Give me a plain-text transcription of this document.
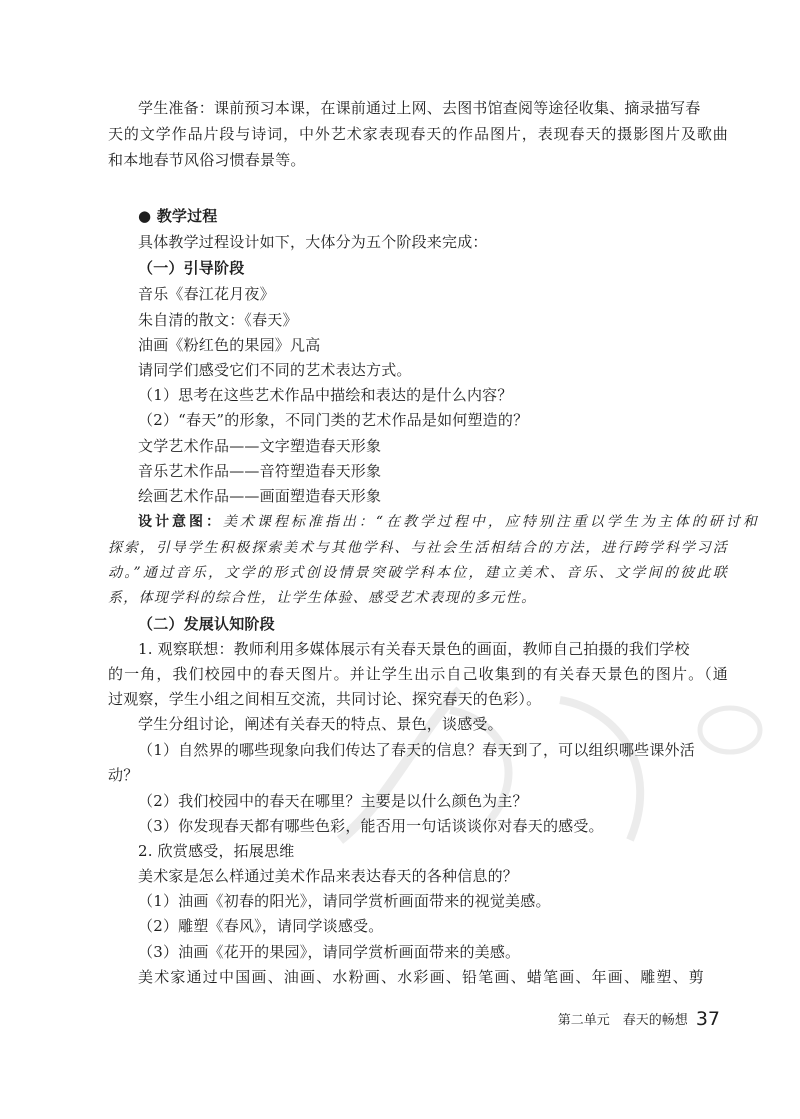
学生准备：课前预习本课，在课前通过上网、去图书馆查阅等途径收集、摘录描写春
天的文学作品片段与诗词，中外艺术家表现春天的作品图片，表现春天的摄影图片及歌曲
和本地春节风俗习惯春景等。
● 教学过程
具体教学过程设计如下，大体分为五个阶段来完成：
（一）引导阶段
音乐《春江花月夜》
朱自清的散文：《春天》
油画《粉红色的果园》凡高
请同学们感受它们不同的艺术表达方式。
（1）思考在这些艺术作品中描绘和表达的是什么内容？
（2）“春天”的形象，不同门类的艺术作品是如何塑造的？
文学艺术作品——文字塑造春天形象
音乐艺术作品——音符塑造春天形象
绘画艺术作品——画面塑造春天形象
设计意图：美术课程标准指出：“在教学过程中，应特别注重以学生为主体的研讨和
探索，引导学生积极探索美术与其他学科、与社会生活相结合的方法，进行跨学科学习活
动。”通过音乐，文学的形式创设情景突破学科本位，建立美术、音乐、文学间的彼此联
系，体现学科的综合性，让学生体验、感受艺术表现的多元性。
（二）发展认知阶段
1. 观察联想：教师利用多媒体展示有关春天景色的画面，教师自己拍摄的我们学校
的一角，我们校园中的春天图片。并让学生出示自己收集到的有关春天景色的图片。（通
过观察，学生小组之间相互交流，共同讨论、探究春天的色彩）。
学生分组讨论，阐述有关春天的特点、景色，谈感受。
（1）自然界的哪些现象向我们传达了春天的信息？春天到了，可以组织哪些课外活
动？
（2）我们校园中的春天在哪里？主要是以什么颜色为主？
（3）你发现春天都有哪些色彩，能否用一句话谈谈你对春天的感受。
2. 欣赏感受，拓展思维
美术家是怎么样通过美术作品来表达春天的各种信息的？
（1）油画《初春的阳光》，请同学赏析画面带来的视觉美感。
（2）雕塑《春风》，请同学谈感受。
（3）油画《花开的果园》，请同学赏析画面带来的美感。
美术家通过中国画、油画、水粉画、水彩画、铅笔画、蜡笔画、年画、雕塑、剪
第二单元　春天的畅想 37
